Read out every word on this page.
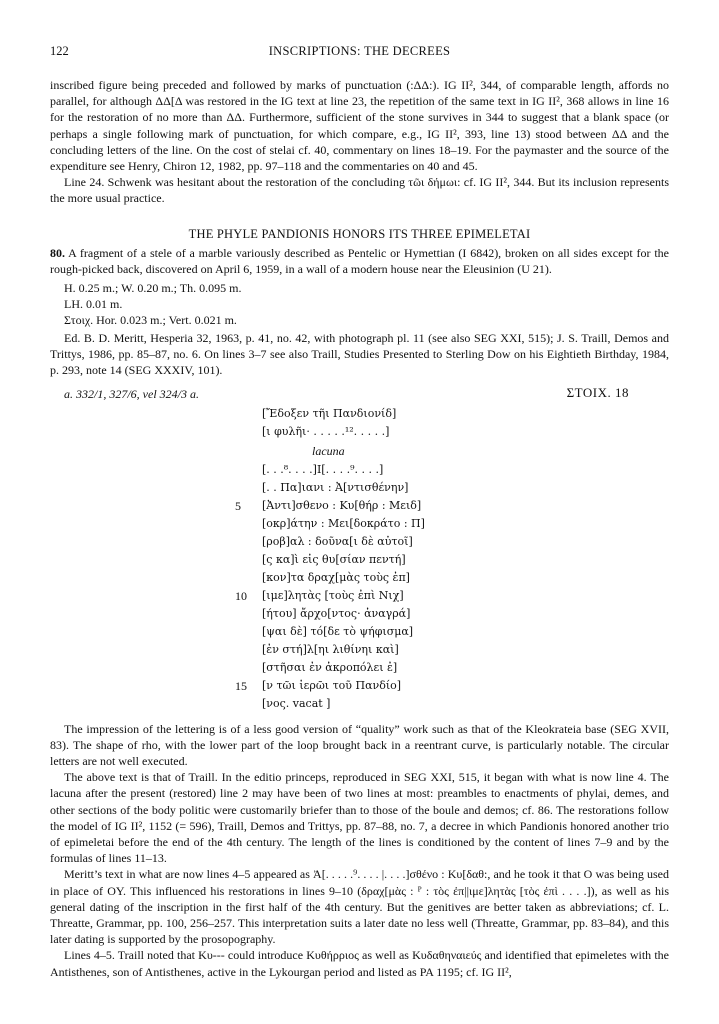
122	INSCRIPTIONS: THE DECREES

inscribed figure being preceded and followed by marks of punctuation (:ΔΔ:). IG II², 344, of comparable length, affords no parallel, for although ΔΔ[Δ was restored in the IG text at line 23, the repetition of the same text in IG II², 368 allows in line 16 for the restoration of no more than ΔΔ. Furthermore, sufficient of the stone survives in 344 to suggest that a blank space (or perhaps a single following mark of punctuation, for which compare, e.g., IG II², 393, line 13) stood between ΔΔ and the concluding letters of the line. On the cost of stelai cf. 40, commentary on lines 18–19. For the paymaster and the source of the expenditure see Henry, Chiron 12, 1982, pp. 97–118 and the commentaries on 40 and 45.

Line 24. Schwenk was hesitant about the restoration of the concluding τῶι δήμωι: cf. IG II², 344. But its inclusion represents the more usual practice.

THE PHYLE PANDIONIS HONORS ITS THREE EPIMELETAI

80. A fragment of a stele of a marble variously described as Pentelic or Hymettian (I 6842), broken on all sides except for the rough-picked back, discovered on April 6, 1959, in a wall of a modern house near the Eleusinion (U 21).

H. 0.25 m.; W. 0.20 m.; Th. 0.095 m.
LH. 0.01 m.
Στοιχ. Hor. 0.023 m.; Vert. 0.021 m.

Ed. B. D. Meritt, Hesperia 32, 1963, p. 41, no. 42, with photograph pl. 11 (see also SEG XXI, 515); J. S. Traill, Demos and Trittys, 1986, pp. 85–87, no. 6. On lines 3–7 see also Traill, Studies Presented to Sterling Dow on his Eightieth Birthday, 1984, p. 293, note 14 (SEG XXXIV, 101).

a. 332/1, 327/6, vel 324/3 a.	ΣΤΟΙΧ. 18
[Ἔδοξεν τῆι Πανδιονίδ]
[ι φυλῆι· . . . . .¹². . . . .]
lacuna
[. . .⁸. . . .]Ι[. . . .⁹. . . .]
[. . Πα]ιανι : Ἀ[ντισθένην]
5 [Ἀντι]σθενο : Κυ[θήρ : Μειδ]
[οκρ]άτην : Μει[δοκράτο : Π]
[ροβ]αλ : δοῦνα[ι δὲ αὐτοῖ]
[ς κα]ὶ εἰς θυ[σίαν πεντή]
[κον]τα δραχ[μὰς τοὺς ἐπ]
10 [ιμε]λητὰς [τοὺς ἐπὶ Νιχ]
[ήτου] ἄρχο[ντος· ἀναγρά]
[ψαι δὲ] τό[δε τὸ ψήφισμα]
[ἐν στή]λ[ηι λιθίνηι καὶ]
[στῆσαι ἐν ἀκροπόλει ἐ]
15 [ν τῶι ἱερῶι τοῦ Πανδίο]
[νος. vacat ]

The impression of the lettering is of a less good version of “quality” work such as that of the Kleokrateia base (SEG XVII, 83). The shape of rho, with the lower part of the loop brought back in a reentrant curve, is particularly notable. The circular letters are not well executed.

The above text is that of Traill. In the editio princeps, reproduced in SEG XXI, 515, it began with what is now line 4. The lacuna after the present (restored) line 2 may have been of two lines at most: preambles to enactments of phylai, demes, and other sections of the body politic were customarily briefer than to those of the boule and demos; cf. 86. The restorations follow the model of IG II², 1152 (= 596), Traill, Demos and Trittys, pp. 87–88, no. 7, a decree in which Pandionis honored another trio of epimeletai before the end of the 4th century. The length of the lines is conditioned by the content of lines 7–9 and by the formulas of lines 11–13.

Meritt’s text in what are now lines 4–5 appeared as Ἀ[. . . . .⁹. . . . |. . . .]σθένο : Κυ[δαθ:, and he took it that O was being used in place of OY. This influenced his restorations in lines 9–10 (δραχ[μὰς : ᴾ : τὸς ἐπ||ιμε]λητὰς [τὸς ἐπὶ . . . .]), as well as his general dating of the inscription in the first half of the 4th century. But the genitives are better taken as abbreviations; cf. L. Threatte, Grammar, pp. 100, 256–257. This interpretation suits a later date no less well (Threatte, Grammar, pp. 83–84), and this later dating is supported by the prosopography.

Lines 4–5. Traill noted that Κυ--- could introduce Κυθήρριος as well as Κυδαθηναιεύς and identified that epimeletes with the Antisthenes, son of Antisthenes, active in the Lykourgan period and listed as PA 1195; cf. IG II²,
